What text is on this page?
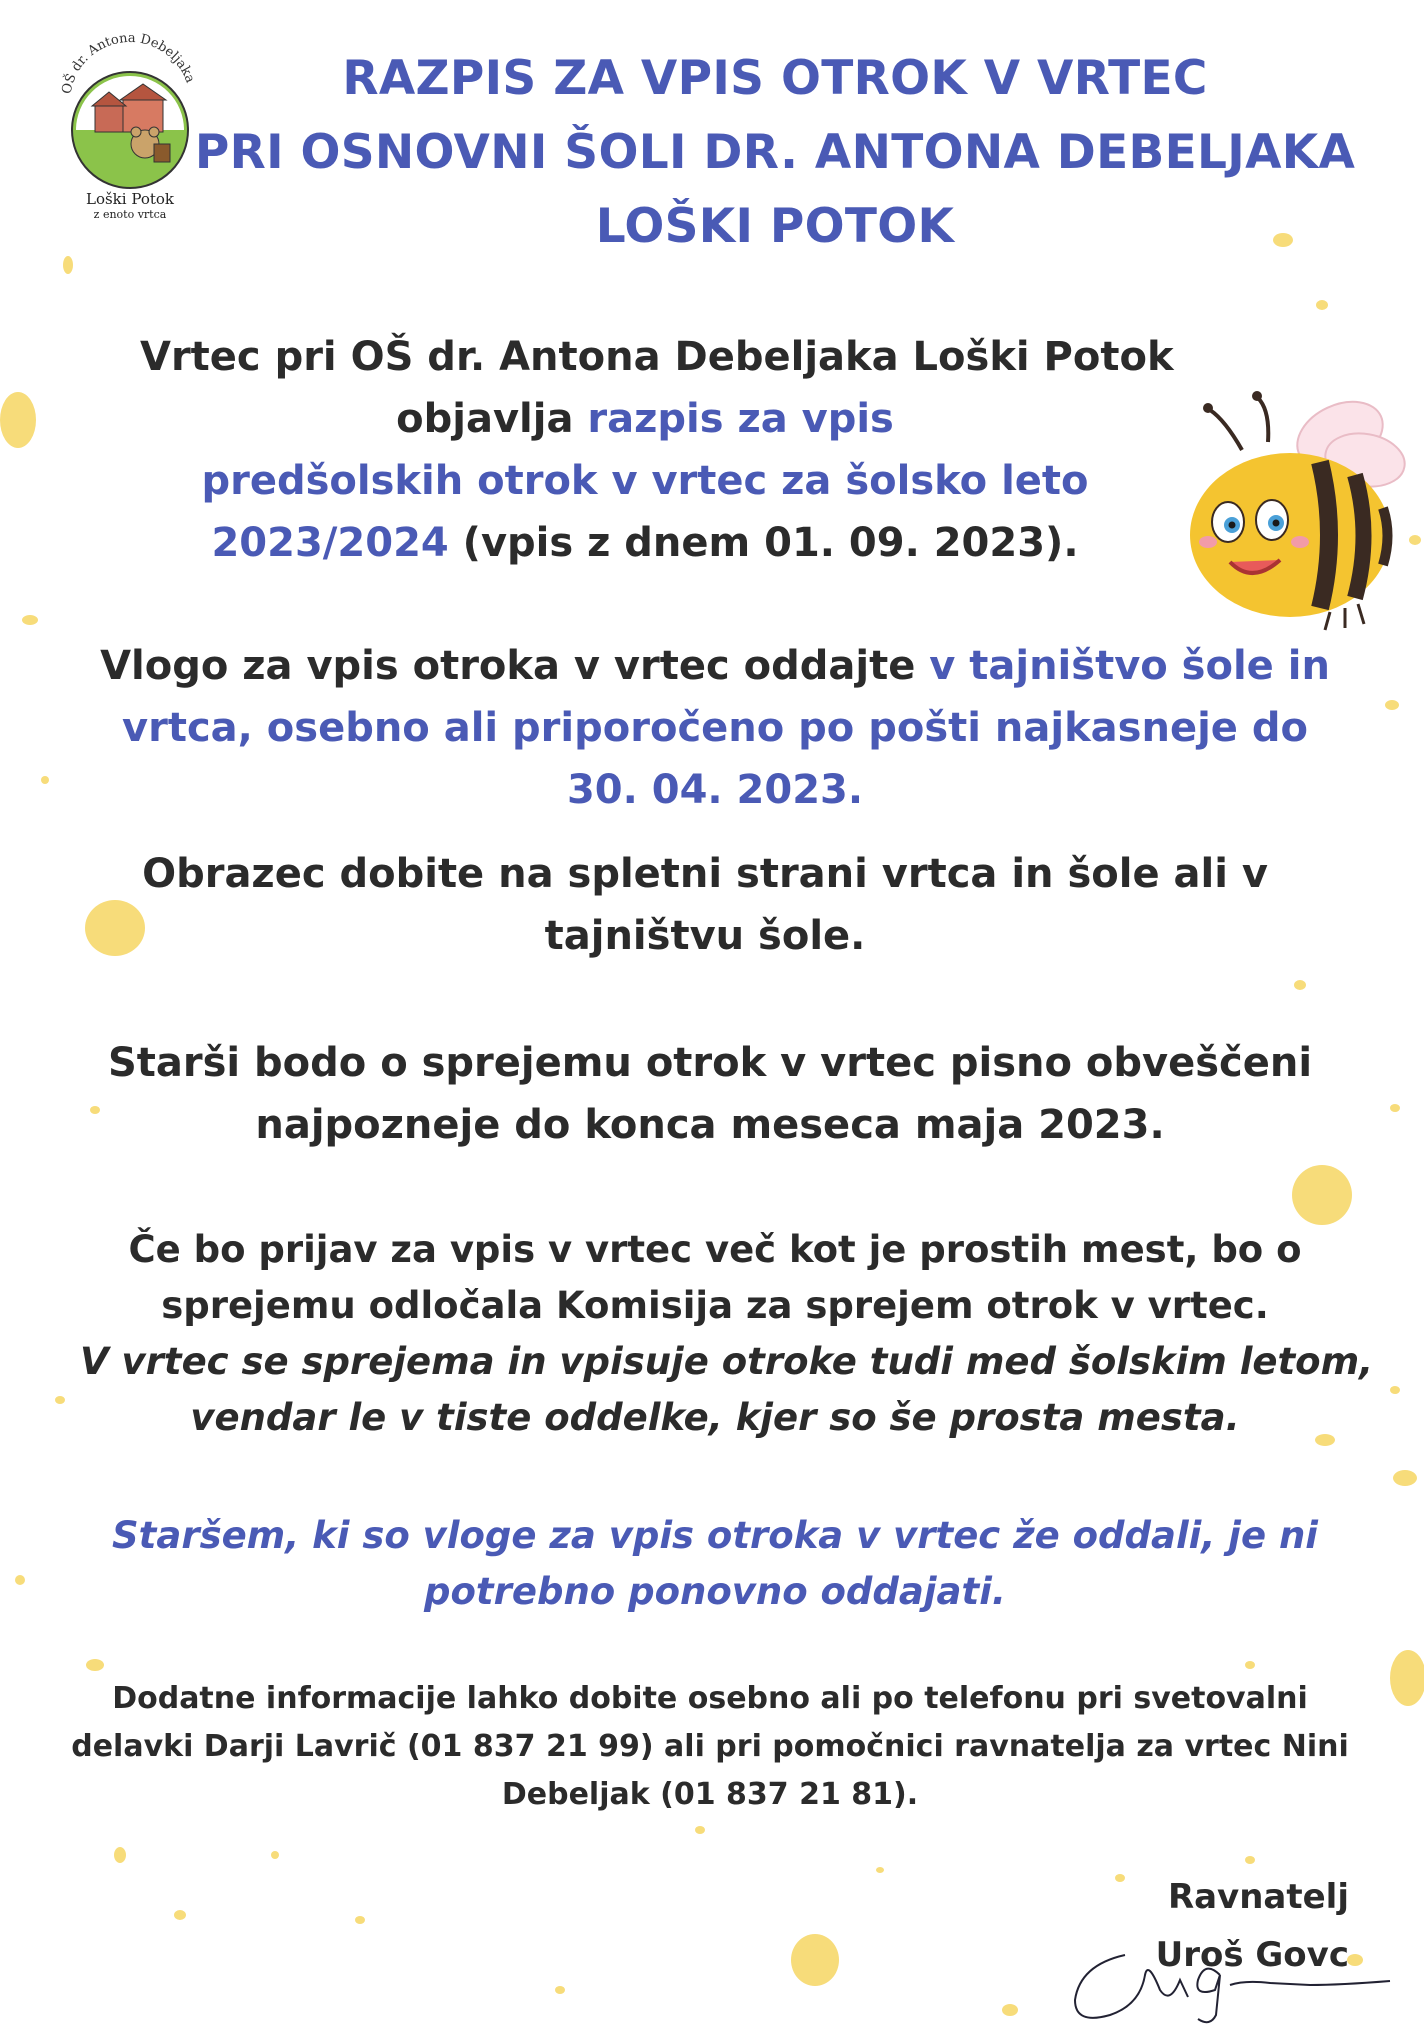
OŠ dr. Antona Debeljaka
Loški Potok
z enoto vrtca
RAZPIS ZA VPIS OTROK V VRTEC
PRI OSNOVNI ŠOLI DR. ANTONA DEBELJAKA
LOŠKI POTOK
Vrtec pri OŠ dr. Antona Debeljaka Loški Potok
objavlja razpis za vpis
predšolskih otrok v vrtec za šolsko leto
2023/2024 (vpis z dnem 01. 09. 2023).
Vlogo za vpis otroka v vrtec oddajte v tajništvo šole in
vrtca, osebno ali priporočeno po pošti najkasneje do
30. 04. 2023.
Obrazec dobite na spletni strani vrtca in šole ali v
tajništvu šole.
Starši bodo o sprejemu otrok v vrtec pisno obveščeni
najpozneje do konca meseca maja 2023.
Če bo prijav za vpis v vrtec več kot je prostih mest, bo o
sprejemu odločala Komisija za sprejem otrok v vrtec.
V vrtec se sprejema in vpisuje otroke tudi med šolskim letom,
vendar le v tiste oddelke, kjer so še prosta mesta.
Staršem, ki so vloge za vpis otroka v vrtec že oddali, je ni
potrebno ponovno oddajati.
Dodatne informacije lahko dobite osebno ali po telefonu pri svetovalni
delavki Darji Lavrič (01 837 21 99) ali pri pomočnici ravnatelja za vrtec Nini
Debeljak (01 837 21 81).
Ravnatelj
Uroš Govc
